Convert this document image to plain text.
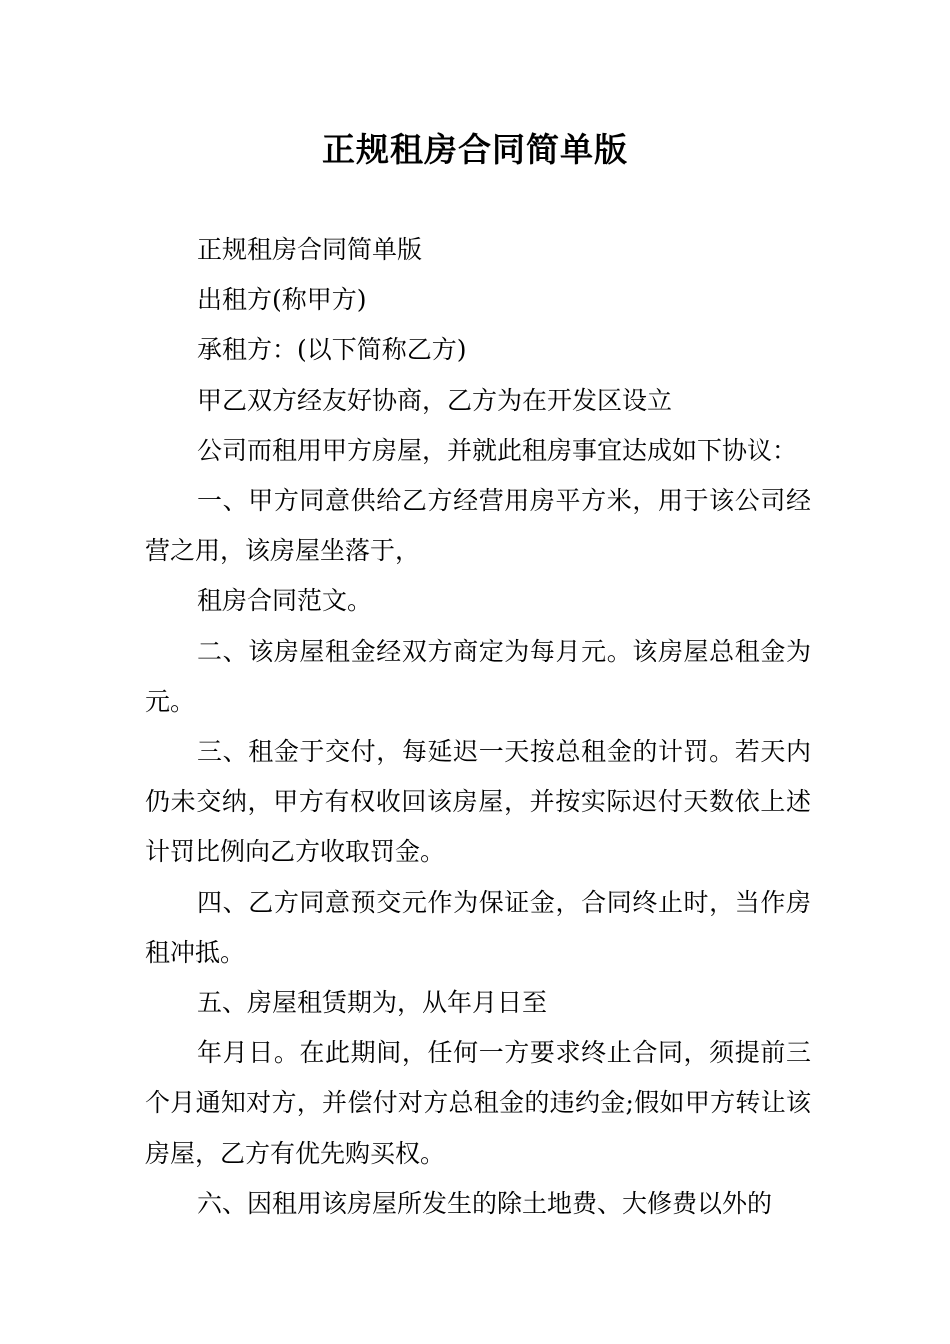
正规租房合同简单版

正规租房合同简单版

出租方(称甲方)

承租方：(以下简称乙方)

甲乙双方经友好协商，乙方为在开发区设立

公司而租用甲方房屋，并就此租房事宜达成如下协议：

一、甲方同意供给乙方经营用房平方米，用于该公司经营之用，该房屋坐落于，

租房合同范文。

二、该房屋租金经双方商定为每月元。该房屋总租金为元。

三、租金于交付，每延迟一天按总租金的计罚。若天内仍未交纳，甲方有权收回该房屋，并按实际迟付天数依上述计罚比例向乙方收取罚金。

四、乙方同意预交元作为保证金，合同终止时，当作房租冲抵。

五、房屋租赁期为，从年月日至

年月日。在此期间，任何一方要求终止合同，须提前三个月通知对方，并偿付对方总租金的违约金;假如甲方转让该房屋，乙方有优先购买权。

六、因租用该房屋所发生的除土地费、大修费以外的
